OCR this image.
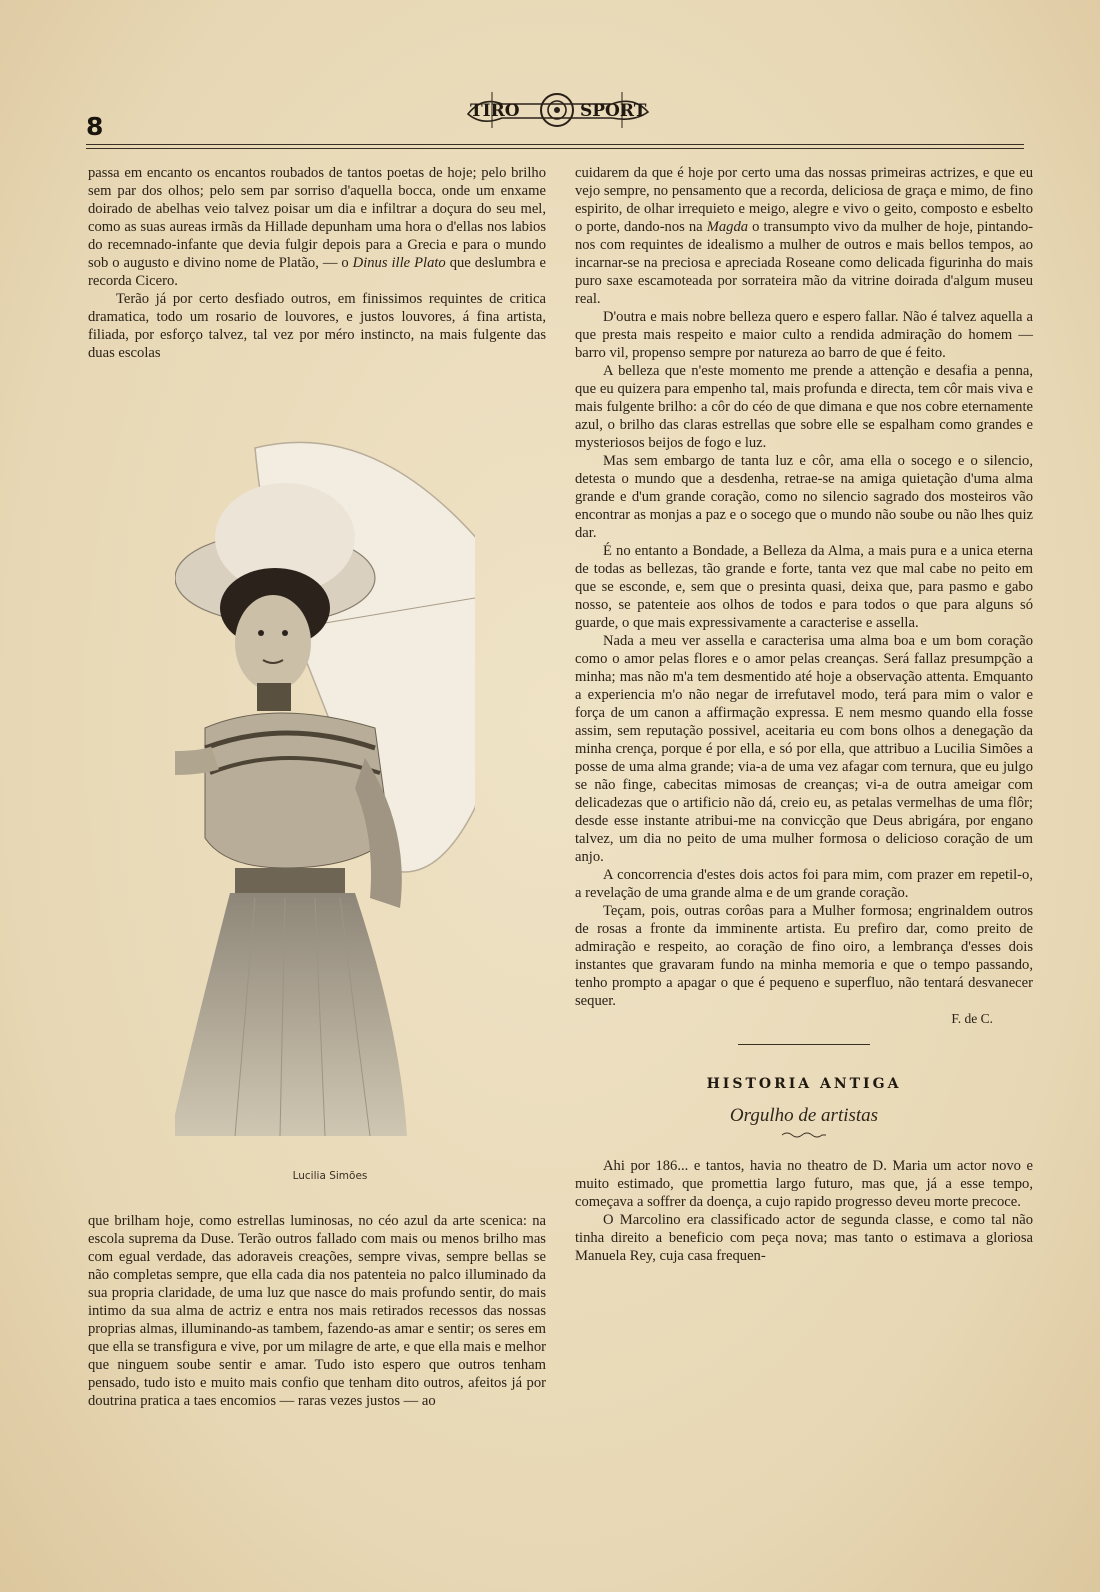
8
TIRO	SPORT

passa em encanto os encantos roubados de tantos poetas de hoje; pelo brilho sem par dos olhos; pelo sem par sorriso d'aquella bocca, onde um enxame doirado de abelhas veio talvez poisar um dia e infiltrar a doçura do seu mel, como as suas aureas irmãs da Hillade depunham uma hora o d'ellas nos labios do recemnado-infante que devia fulgir depois para a Grecia e para o mundo sob o augusto e divino nome de Platão, — o Dinus ille Plato que deslumbra e recorda Cicero.

Terão já por certo desfiado outros, em finissimos requintes de critica dramatica, todo um rosario de louvores, e justos louvores, á fina artista, filiada, por esforço talvez, tal vez por méro instincto, na mais fulgente das duas escolas

Lucilia Simões

que brilham hoje, como estrellas luminosas, no céo azul da arte scenica: na escola suprema da Duse. Terão outros fallado com mais ou menos brilho mas com egual verdade, das adoraveis creações, sempre vivas, sempre bellas se não completas sempre, que ella cada dia nos patenteia no palco illuminado da sua propria claridade, de uma luz que nasce do mais profundo sentir, do mais intimo da sua alma de actriz e entra nos mais retirados recessos das nossas proprias almas, illuminando-as tambem, fazendo-as amar e sentir; os seres em que ella se transfigura e vive, por um milagre de arte, e que ella mais e melhor que ninguem soube sentir e amar. Tudo isto espero que outros tenham pensado, tudo isto e muito mais confio que tenham dito outros, afeitos já por doutrina pratica a taes encomios — raras vezes justos — ao

cuidarem da que é hoje por certo uma das nossas primeiras actrizes, e que eu vejo sempre, no pensamento que a recorda, deliciosa de graça e mimo, de fino espirito, de olhar irrequieto e meigo, alegre e vivo o geito, composto e esbelto o porte, dando-nos na Magda o transumpto vivo da mulher de hoje, pintando-nos com requintes de idealismo a mulher de outros e mais bellos tempos, ao incarnar-se na preciosa e apreciada Roseane como delicada figurinha do mais puro saxe escamoteada por sorrateira mão da vitrine doirada d'algum museu real.

D'outra e mais nobre belleza quero e espero fallar. Não é talvez aquella a que presta mais respeito e maior culto a rendida admiração do homem — barro vil, propenso sempre por natureza ao barro de que é feito.

A belleza que n'este momento me prende a attenção e desafia a penna, que eu quizera para empenho tal, mais profunda e directa, tem côr mais viva e mais fulgente brilho: a côr do céo de que dimana e que nos cobre eternamente azul, o brilho das claras estrellas que sobre elle se espalham como grandes e mysteriosos beijos de fogo e luz.

Mas sem embargo de tanta luz e côr, ama ella o socego e o silencio, detesta o mundo que a desdenha, retrae-se na amiga quietação d'uma alma grande e d'um grande coração, como no silencio sagrado dos mosteiros vão encontrar as monjas a paz e o socego que o mundo não soube ou não lhes quiz dar.

É no entanto a Bondade, a Belleza da Alma, a mais pura e a unica eterna de todas as bellezas, tão grande e forte, tanta vez que mal cabe no peito em que se esconde, e, sem que o presinta quasi, deixa que, para pasmo e gabo nosso, se patenteie aos olhos de todos e para todos o que para alguns só guarde, o que mais expressivamente a caracterise e assella.

Nada a meu ver assella e caracterisa uma alma boa e um bom coração como o amor pelas flores e o amor pelas creanças. Será fallaz presumpção a minha; mas não m'a tem desmentido até hoje a observação attenta. Emquanto a experiencia m'o não negar de irrefutavel modo, terá para mim o valor e força de um canon a affirmação expressa. E nem mesmo quando ella fosse assim, sem reputação possivel, aceitaria eu com bons olhos a denegação da minha crença, porque é por ella, e só por ella, que attribuo a Lucilia Simões a posse de uma alma grande; via-a de uma vez afagar com ternura, que eu julgo se não finge, cabecitas mimosas de creanças; vi-a de outra ameigar com delicadezas que o artificio não dá, creio eu, as petalas vermelhas de uma flôr; desde esse instante atribui-me na convicção que Deus abrigára, por engano talvez, um dia no peito de uma mulher formosa o delicioso coração de um anjo.

A concorrencia d'estes dois actos foi para mim, com prazer em repetil-o, a revelação de uma grande alma e de um grande coração.

Teçam, pois, outras corôas para a Mulher formosa; engrinaldem outros de rosas a fronte da imminente artista. Eu prefiro dar, como preito de admiração e respeito, ao coração de fino oiro, a lembrança d'esses dois instantes que gravaram fundo na minha memoria e que o tempo passando, tenho prompto a apagar o que é pequeno e superfluo, não tentará desvanecer sequer.

F. de C.

HISTORIA ANTIGA
Orgulho de artistas

Ahi por 186... e tantos, havia no theatro de D. Maria um actor novo e muito estimado, que promettia largo futuro, mas que, já a esse tempo, começava a soffrer da doença, a cujo rapido progresso deveu morte precoce.

O Marcolino era classificado actor de segunda classe, e como tal não tinha direito a beneficio com peça nova; mas tanto o estimava a gloriosa Manuela Rey, cuja casa frequen-
